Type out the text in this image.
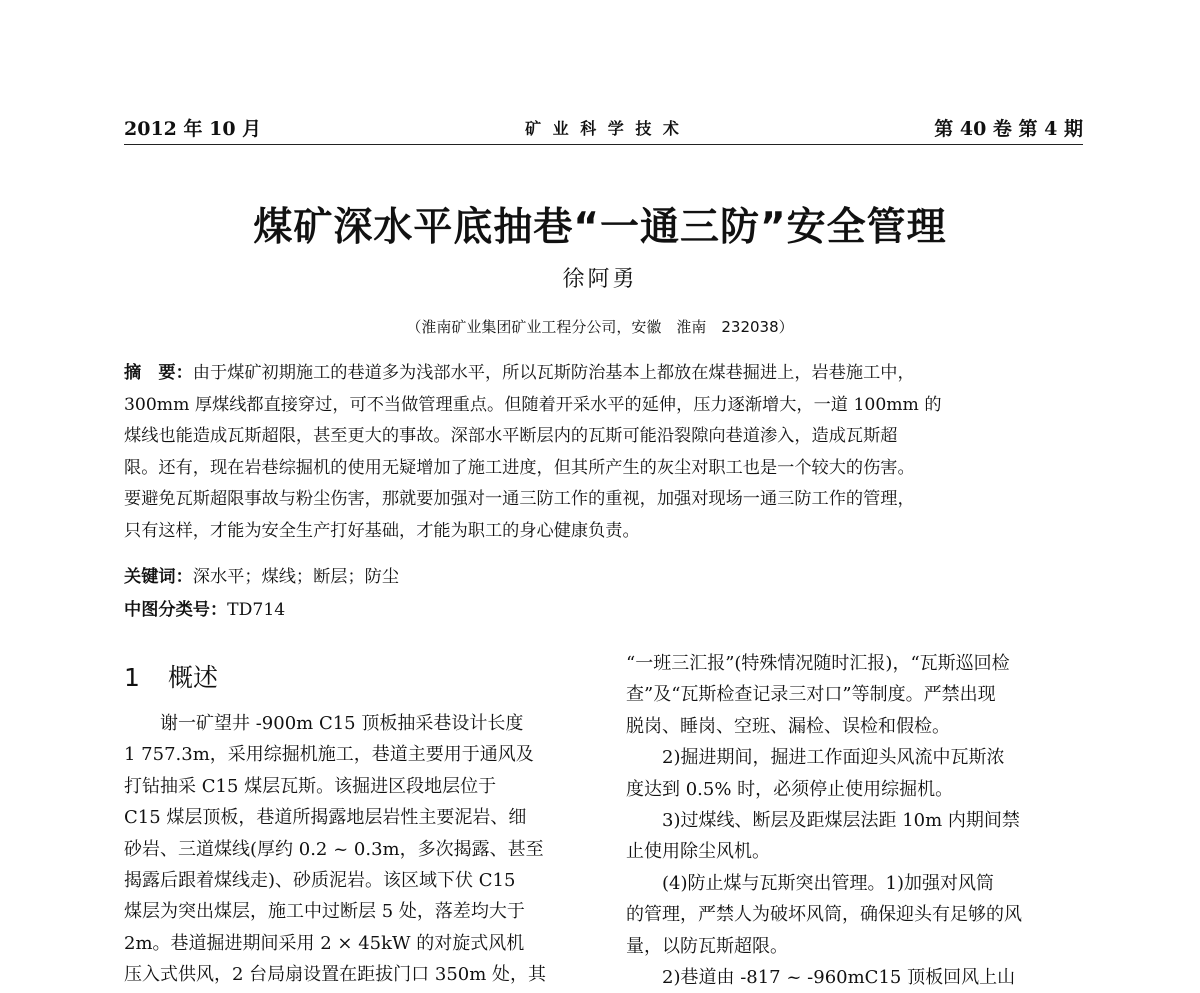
2012 年 10 月	矿 业 科 学 技 术	第 40 卷 第 4 期
煤矿深水平底抽巷“一通三防”安全管理
徐阿勇
（淮南矿业集团矿业工程分公司，安徽　淮南　232038）
摘　要：由于煤矿初期施工的巷道多为浅部水平，所以瓦斯防治基本上都放在煤巷掘进上，岩巷施工中，
300mm 厚煤线都直接穿过，可不当做管理重点。但随着开采水平的延伸，压力逐渐增大，一道 100mm 的
煤线也能造成瓦斯超限，甚至更大的事故。深部水平断层内的瓦斯可能沿裂隙向巷道渗入，造成瓦斯超
限。还有，现在岩巷综掘机的使用无疑增加了施工进度，但其所产生的灰尘对职工也是一个较大的伤害。
要避免瓦斯超限事故与粉尘伤害，那就要加强对一通三防工作的重视，加强对现场一通三防工作的管理，
只有这样，才能为安全生产打好基础，才能为职工的身心健康负责。
关键词：深水平；煤线；断层；防尘
中图分类号：TD714
1 概述
谢一矿望井 -900m C15 顶板抽采巷设计长度
1 757.3m，采用综掘机施工，巷道主要用于通风及
打钻抽采 C15 煤层瓦斯。该掘进区段地层位于
C15 煤层顶板，巷道所揭露地层岩性主要泥岩、细
砂岩、三道煤线(厚约 0.2 ~ 0.3m，多次揭露、甚至
揭露后跟着煤线走)、砂质泥岩。该区域下伏 C15
煤层为突出煤层，施工中过断层 5 处，落差均大于
2m。巷道掘进期间采用 2 × 45kW 的对旋式风机
压入式供风，2 台局扇设置在距拔门口 350m 处，其
“一班三汇报”(特殊情况随时汇报)，“瓦斯巡回检
查”及“瓦斯检查记录三对口”等制度。严禁出现
脱岗、睡岗、空班、漏检、误检和假检。
2)掘进期间，掘进工作面迎头风流中瓦斯浓
度达到 0.5% 时，必须停止使用综掘机。
3)过煤线、断层及距煤层法距 10m 内期间禁
止使用除尘风机。
(4)防止煤与瓦斯突出管理。1)加强对风筒
的管理，严禁人为破坏风筒，确保迎头有足够的风
量，以防瓦斯超限。
2)巷道由 -817 ~ -960mC15 顶板回风上山
